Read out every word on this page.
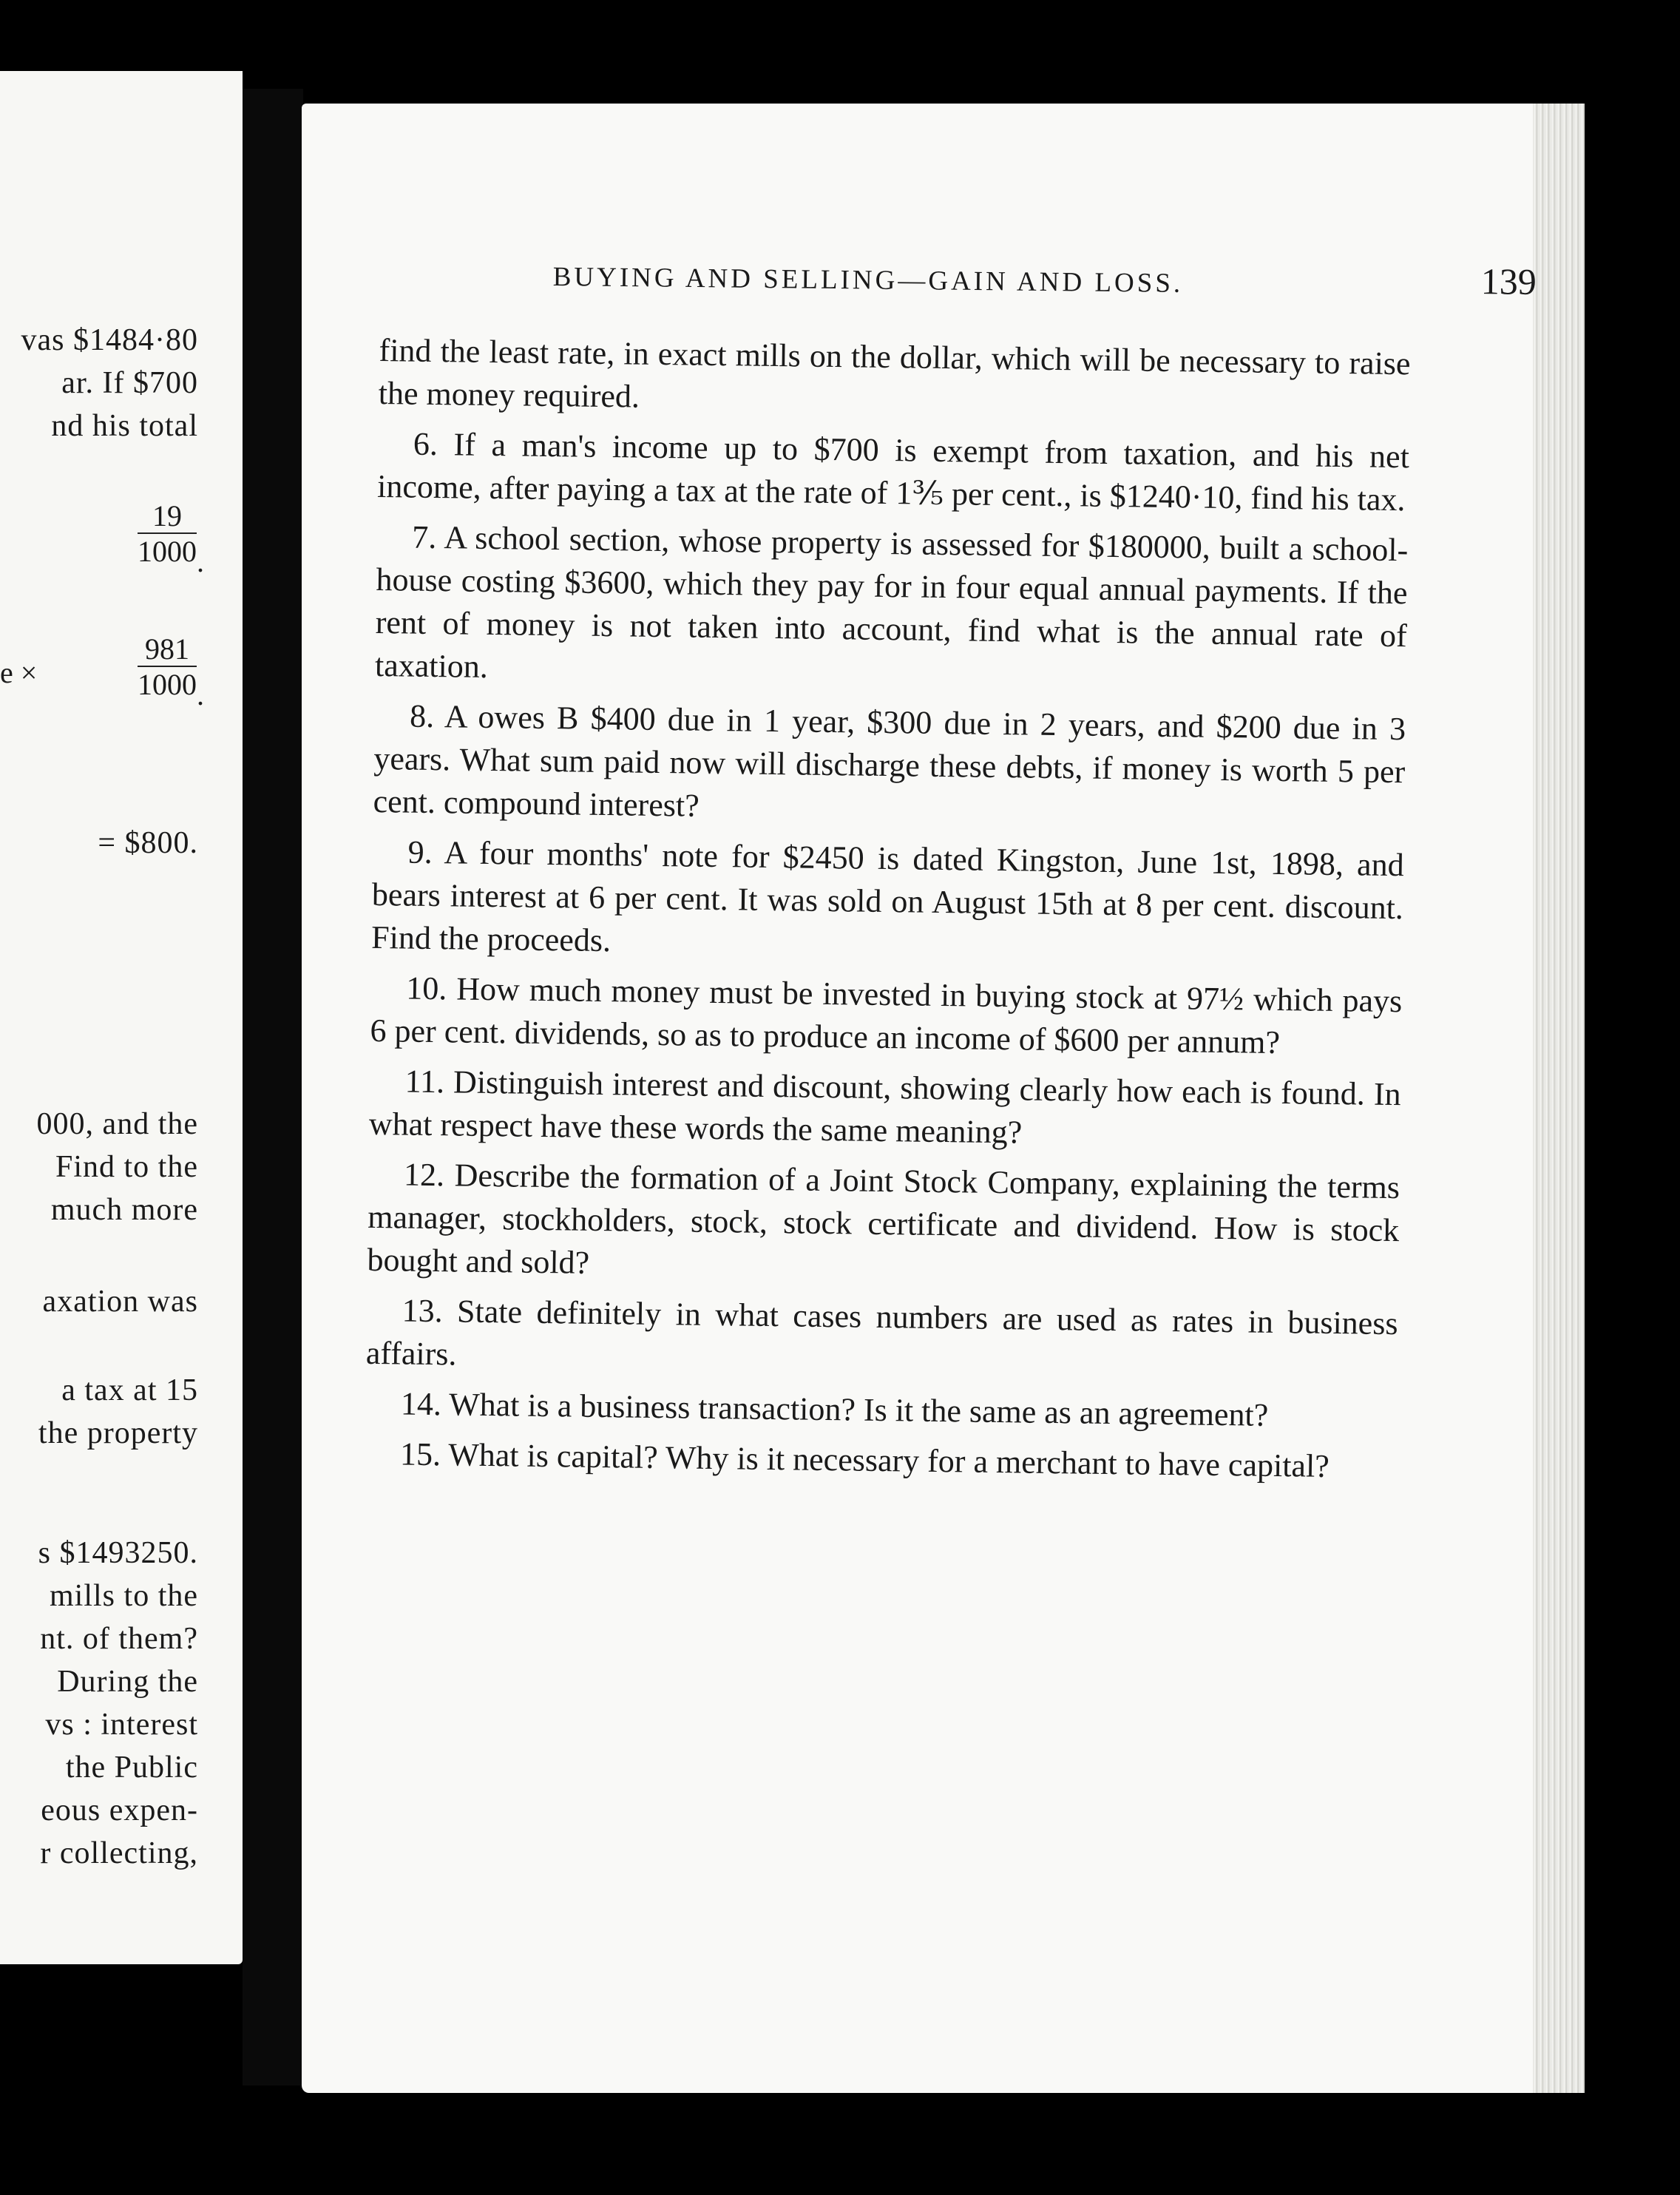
vas $1484·80
ar. If $700
nd his total
$\frac{19}{1000}$ .
e ×	$\frac{981}{1000}$ .
= $800.
000, and the
Find to the
much more
axation was
a tax at 15
the property
s $1493250.
mills to the
nt. of them?
During the
vs : interest
the Public
eous expen-
r collecting,
BUYING AND SELLING—GAIN AND LOSS.	139

find the least rate, in exact mills on the dollar, which will be necessary to raise the money required.

6. If a man's income up to $700 is exempt from taxation, and his net income, after paying a tax at the rate of 1⅗ per cent., is $1240·10, find his tax.

7. A school section, whose property is assessed for $180000, built a school-house costing $3600, which they pay for in four equal annual payments. If the rent of money is not taken into account, find what is the annual rate of taxation.

8. A owes B $400 due in 1 year, $300 due in 2 years, and $200 due in 3 years. What sum paid now will discharge these debts, if money is worth 5 per cent. compound interest?

9. A four months' note for $2450 is dated Kingston, June 1st, 1898, and bears interest at 6 per cent. It was sold on August 15th at 8 per cent. discount. Find the proceeds.

10. How much money must be invested in buying stock at 97½ which pays 6 per cent. dividends, so as to produce an income of $600 per annum?

11. Distinguish interest and discount, showing clearly how each is found. In what respect have these words the same meaning?

12. Describe the formation of a Joint Stock Company, explaining the terms manager, stockholders, stock, stock certificate and dividend. How is stock bought and sold?

13. State definitely in what cases numbers are used as rates in business affairs.

14. What is a business transaction? Is it the same as an agreement?

15. What is capital? Why is it necessary for a merchant to have capital?
